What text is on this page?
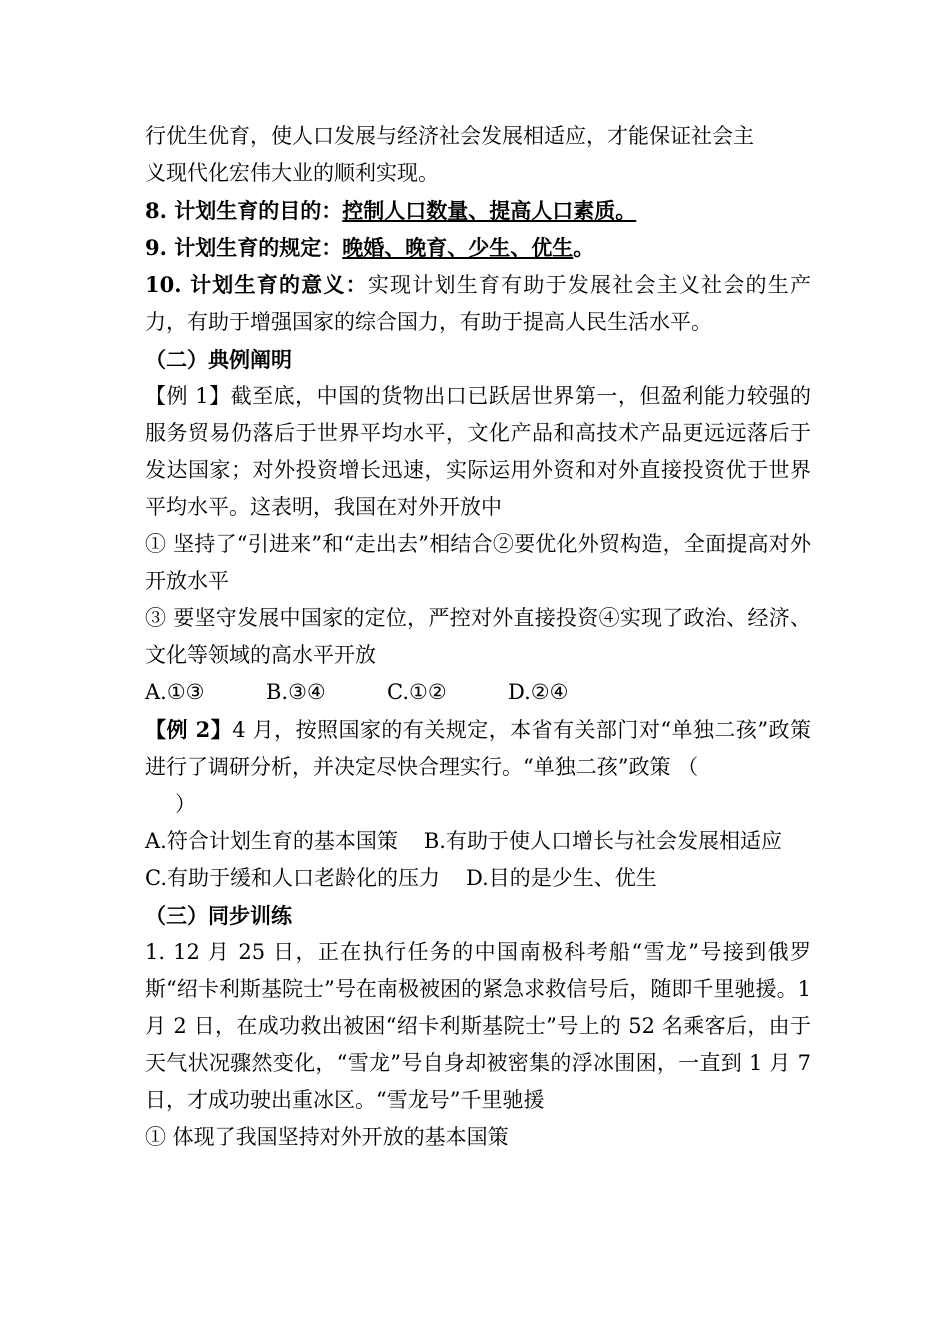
行优生优育，使人口发展与经济社会发展相适应，才能保证社会主

义现代化宏伟大业的顺利实现。

8. 计划生育的目的：控制人口数量、提高人口素质。

9. 计划生育的规定：晚婚、晚育、少生、优生。

10. 计划生育的意义：实现计划生育有助于发展社会主义社会的生产力，有助于增强国家的综合国力，有助于提高人民生活水平。

（二）典例阐明

【例 1】截至底，中国的货物出口已跃居世界第一，但盈利能力较强的服务贸易仍落后于世界平均水平，文化产品和高技术产品更远远落后于发达国家；对外投资增长迅速，实际运用外资和对外直接投资优于世界平均水平。这表明，我国在对外开放中

① 坚持了“引进来”和“走出去”相结合②要优化外贸构造，全面提高对外开放水平

③ 要坚守发展中国家的定位，严控对外直接投资④实现了政治、经济、文化等领域的高水平开放

A.①③	B.③④	C.①②	D.②④

【例 2】4 月，按照国家的有关规定，本省有关部门对“单独二孩”政策进行了调研分析，并决定尽快合理实行。“单独二孩”政策 （

）

A.符合计划生育的基本国策 B.有助于使人口增长与社会发展相适应

C.有助于缓和人口老龄化的压力 D.目的是少生、优生

（三）同步训练

1. 12 月 25 日，正在执行任务的中国南极科考船“雪龙”号接到俄罗斯“绍卡利斯基院士”号在南极被困的紧急求救信号后，随即千里驰援。1 月 2 日，在成功救出被困“绍卡利斯基院士”号上的 52 名乘客后，由于天气状况骤然变化，“雪龙”号自身却被密集的浮冰围困，一直到 1 月 7 日，才成功驶出重冰区。“雪龙号”千里驰援

① 体现了我国坚持对外开放的基本国策
